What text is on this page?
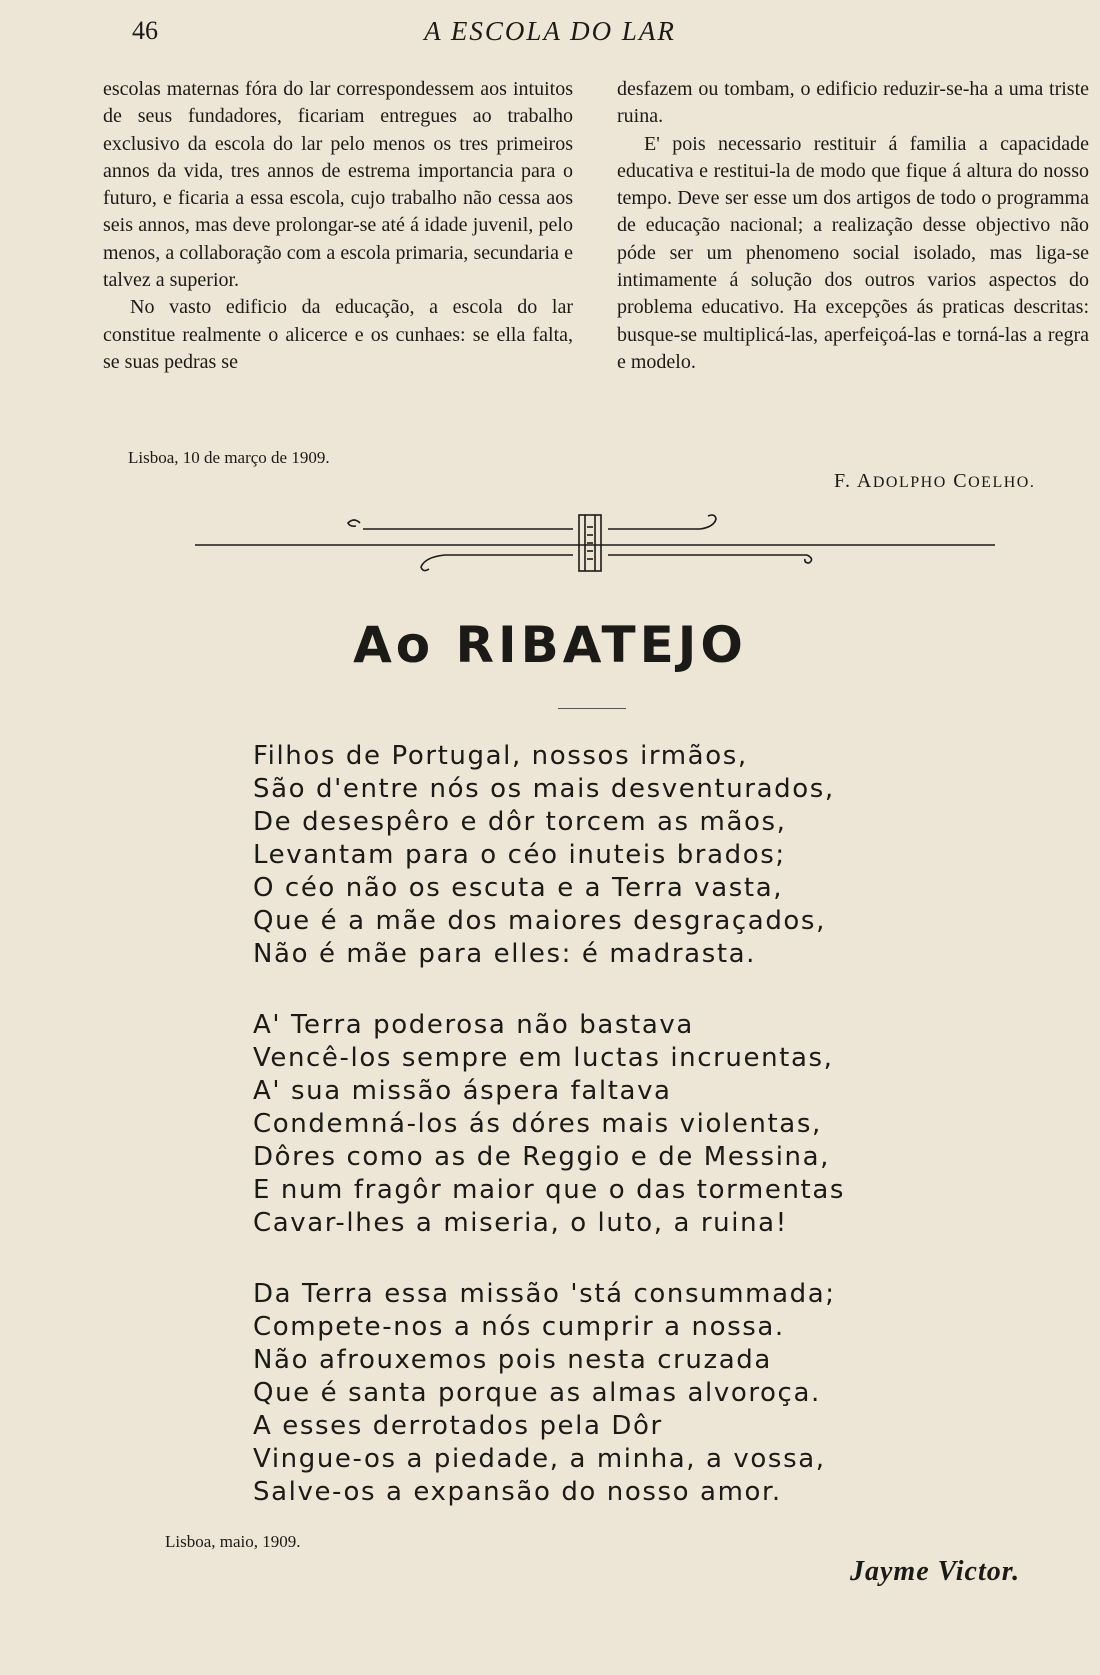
46	A ESCOLA DO LAR

escolas maternas fóra do lar correspondessem aos intuitos de seus fundadores, ficariam entregues ao trabalho exclusivo da escola do lar pelo menos os tres primeiros annos da vida, tres annos de estrema importancia para o futuro, e ficaria a essa escola, cujo trabalho não cessa aos seis annos, mas deve prolongar-se até á idade juvenil, pelo menos, a collaboração com a escola primaria, secundaria e talvez a superior.

No vasto edificio da educação, a escola do lar constitue realmente o alicerce e os cunhaes: se ella falta, se suas pedras se

desfazem ou tombam, o edificio reduzir-se-ha a uma triste ruina.

E' pois necessario restituir á familia a capacidade educativa e restitui-la de modo que fique á altura do nosso tempo. Deve ser esse um dos artigos de todo o programma de educação nacional; a realização desse objectivo não póde ser um phenomeno social isolado, mas liga-se intimamente á solução dos outros varios aspectos do problema educativo. Ha excepções ás praticas descritas: busque-se multiplicá-las, aperfeiçoá-las e torná-las a regra e modelo.

Lisboa, 10 de março de 1909.
F. ADOLPHO COELHO.
Ao RIBATEJO
Filhos de Portugal, nossos irmãos,
São d'entre nós os mais desventurados,
De desespêro e dôr torcem as mãos,
Levantam para o céo inuteis brados;
O céo não os escuta e a Terra vasta,
Que é a mãe dos maiores desgraçados,
Não é mãe para elles: é madrasta.
A' Terra poderosa não bastava
Vencê-los sempre em luctas incruentas,
A' sua missão áspera faltava
Condemná-los ás dóres mais violentas,
Dôres como as de Reggio e de Messina,
E num fragôr maior que o das tormentas
Cavar-lhes a miseria, o luto, a ruina!
Da Terra essa missão 'stá consummada;
Compete-nos a nós cumprir a nossa.
Não afrouxemos pois nesta cruzada
Que é santa porque as almas alvoroça.
A esses derrotados pela Dôr
Vingue-os a piedade, a minha, a vossa,
Salve-os a expansão do nosso amor.
Lisboa, maio, 1909.
Jayme Victor.
